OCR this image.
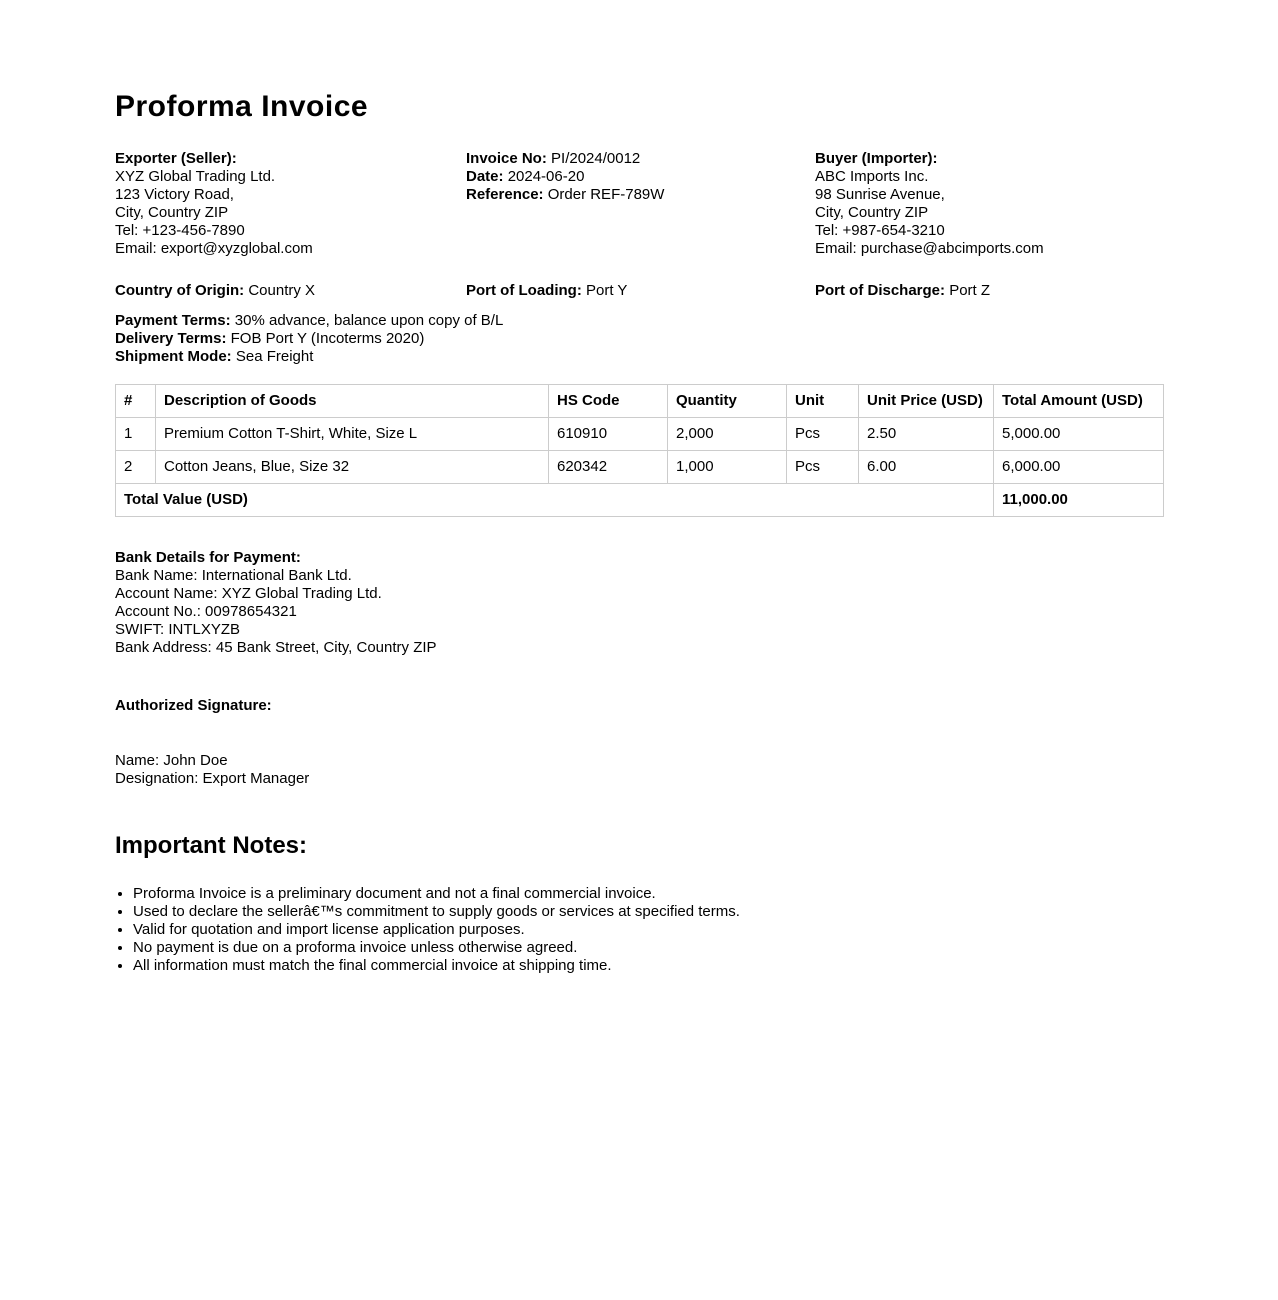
Proforma Invoice
Exporter (Seller):
XYZ Global Trading Ltd.
123 Victory Road,
City, Country ZIP
Tel: +123-456-7890
Email: export@xyzglobal.com
Invoice No: PI/2024/0012
Date: 2024-06-20
Reference: Order REF-789W
Buyer (Importer):
ABC Imports Inc.
98 Sunrise Avenue,
City, Country ZIP
Tel: +987-654-3210
Email: purchase@abcimports.com
Country of Origin: Country X	Port of Loading: Port Y	Port of Discharge: Port Z
Payment Terms: 30% advance, balance upon copy of B/L
Delivery Terms: FOB Port Y (Incoterms 2020)
Shipment Mode: Sea Freight
#	Description of Goods	HS Code	Quantity	Unit	Unit Price (USD)	Total Amount (USD)
1	Premium Cotton T-Shirt, White, Size L	610910	2,000	Pcs	2.50	5,000.00
2	Cotton Jeans, Blue, Size 32	620342	1,000	Pcs	6.00	6,000.00
Total Value (USD)						11,000.00
Bank Details for Payment:
Bank Name: International Bank Ltd.
Account Name: XYZ Global Trading Ltd.
Account No.: 00978654321
SWIFT: INTLXYZB
Bank Address: 45 Bank Street, City, Country ZIP
Authorized Signature:
Name: John Doe
Designation: Export Manager
Important Notes:
• Proforma Invoice is a preliminary document and not a final commercial invoice.
• Used to declare the sellerâ€™s commitment to supply goods or services at specified terms.
• Valid for quotation and import license application purposes.
• No payment is due on a proforma invoice unless otherwise agreed.
• All information must match the final commercial invoice at shipping time.
